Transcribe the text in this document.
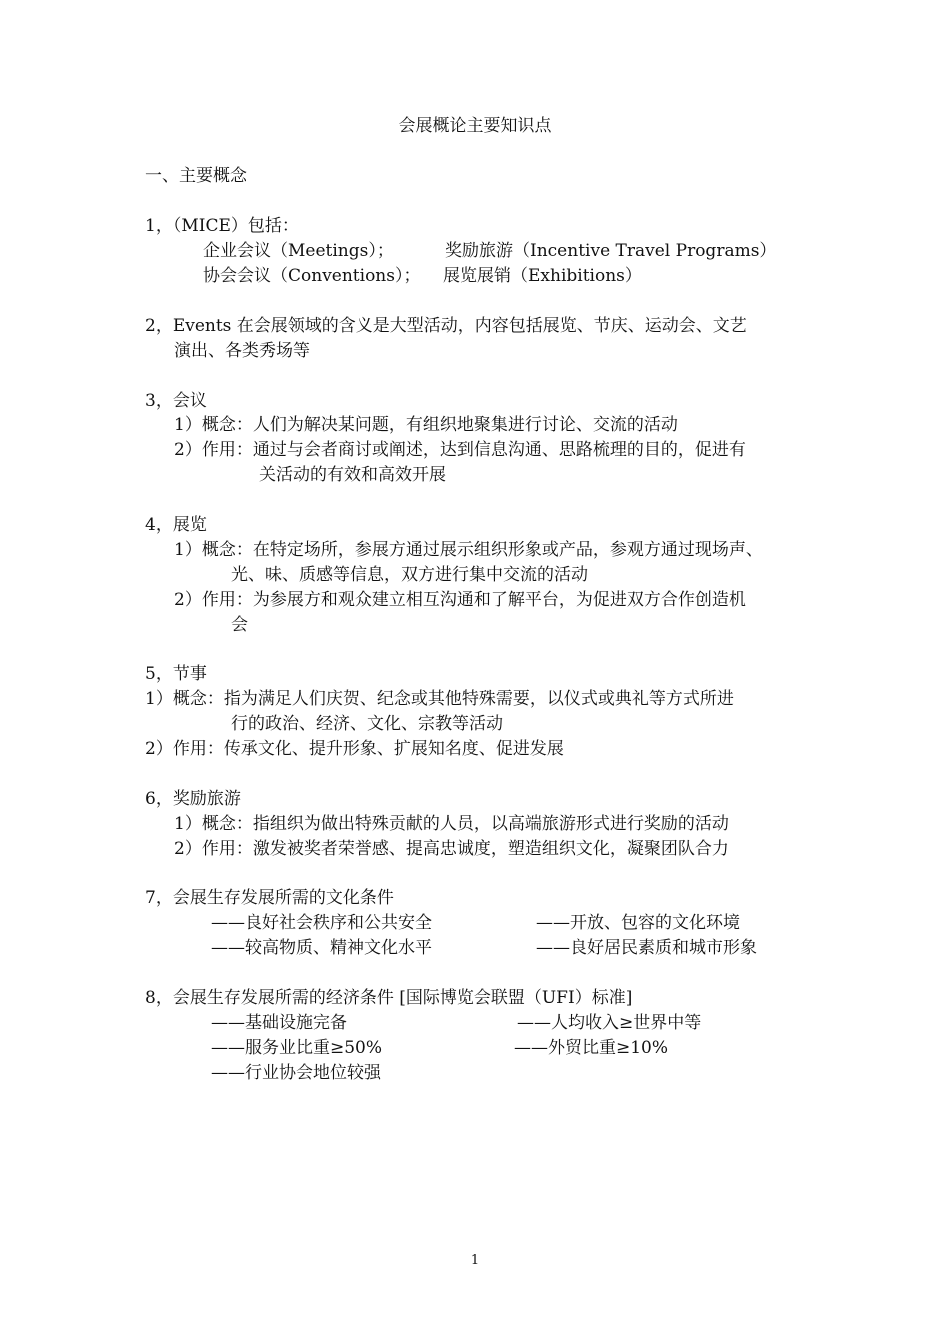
会展概论主要知识点
一、主要概念
1，（MICE）包括：
企业会议（Meetings）；	奖励旅游（Incentive Travel Programs）
协会会议（Conventions）； 展览展销（Exhibitions）
2，Events 在会展领域的含义是大型活动，内容包括展览、节庆、运动会、文艺
演出、各类秀场等
3，会议
1）概念：人们为解决某问题，有组织地聚集进行讨论、交流的活动
2）作用：通过与会者商讨或阐述，达到信息沟通、思路梳理的目的，促进有
关活动的有效和高效开展
4，展览
1）概念：在特定场所，参展方通过展示组织形象或产品，参观方通过现场声、
光、味、质感等信息，双方进行集中交流的活动
2）作用：为参展方和观众建立相互沟通和了解平台，为促进双方合作创造机
会
5，节事
1）概念：指为满足人们庆贺、纪念或其他特殊需要，以仪式或典礼等方式所进
行的政治、经济、文化、宗教等活动
2）作用：传承文化、提升形象、扩展知名度、促进发展
6，奖励旅游
1）概念：指组织为做出特殊贡献的人员，以高端旅游形式进行奖励的活动
2）作用：激发被奖者荣誉感、提高忠诚度，塑造组织文化，凝聚团队合力
7，会展生存发展所需的文化条件
——良好社会秩序和公共安全	——开放、包容的文化环境
——较高物质、精神文化水平	——良好居民素质和城市形象
8，会展生存发展所需的经济条件 [国际博览会联盟（UFI）标准]
——基础设施完备	——人均收入≥世界中等
——服务业比重≥50%	——外贸比重≥10%
——行业协会地位较强
1
